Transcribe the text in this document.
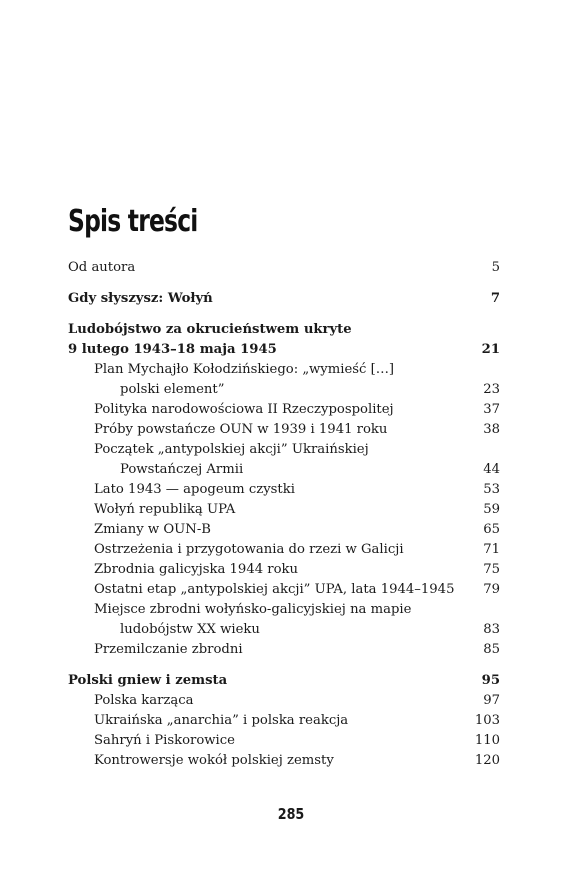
Spis treści
Od autora	5
Gdy słyszysz: Wołyń	7
Ludobójstwo za okrucieństwem ukryte
9 lutego 1943–18 maja 1945	21
Plan Mychajło Kołodzińskiego: „wymieść […]
polski element”	23
Polityka narodowościowa II Rzeczypospolitej	37
Próby powstańcze OUN w 1939 i 1941 roku	38
Początek „antypolskiej akcji” Ukraińskiej
Powstańczej Armii	44
Lato 1943 — apogeum czystki	53
Wołyń republiką UPA	59
Zmiany w OUN-B	65
Ostrzeżenia i przygotowania do rzezi w Galicji	71
Zbrodnia galicyjska 1944 roku	75
Ostatni etap „antypolskiej akcji” UPA, lata 1944–1945 79
Miejsce zbrodni wołyńsko-galicyjskiej na mapie
ludobójstw XX wieku	83
Przemilczanie zbrodni	85
Polski gniew i zemsta	95
Polska karząca	97
Ukraińska „anarchia” i polska reakcja	103
Sahryń i Piskorowice	110
Kontrowersje wokół polskiej zemsty	120
285
